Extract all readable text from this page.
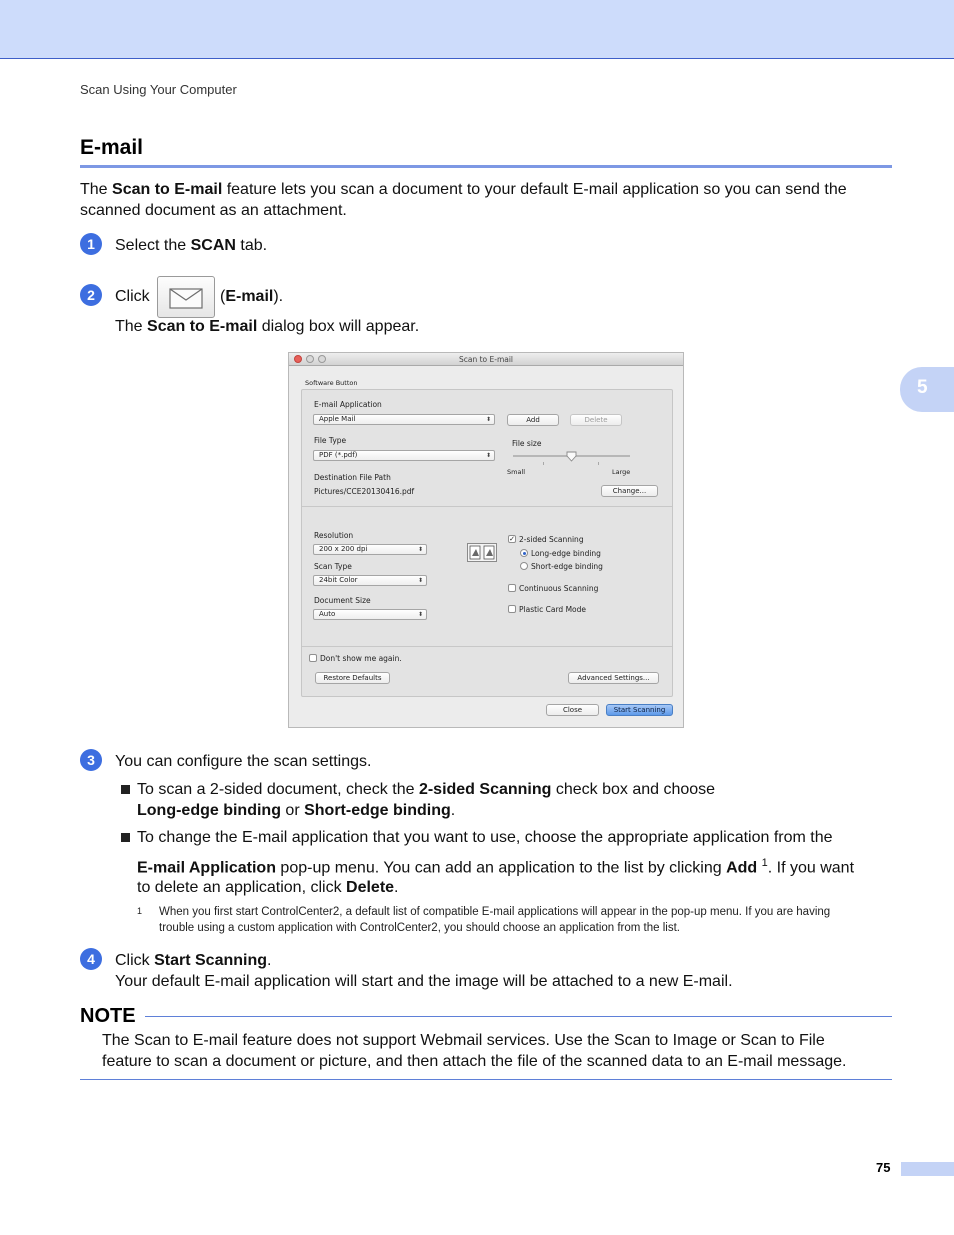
Scan Using Your Computer
5
E-mail
The Scan to E-mail feature lets you scan a document to your default E-mail application so you can send the
scanned document as an attachment.
1	Select the SCAN tab.
2	Click	(E-mail).
The Scan to E-mail dialog box will appear.
Scan to E-mail
Software Button
E-mail Application
Apple Mail	⬍	Add	Delete
File Type
PDF (*.pdf)	⬍
File size
Small	Large
Destination File Path
Pictures/CCE20130416.pdf	Change...
Resolution
200 x 200 dpi	⬍
Scan Type
24bit Color	⬍
Document Size
Auto	⬍
✓ 2-sided Scanning
Long-edge binding
Short-edge binding
Continuous Scanning
Plastic Card Mode
Don't show me again.
Restore Defaults	Advanced Settings...
Close	Start Scanning
3	You can configure the scan settings.
To scan a 2-sided document, check the 2-sided Scanning check box and choose
Long-edge binding or Short-edge binding.
To change the E-mail application that you want to use, choose the appropriate application from the
E-mail Application pop-up menu. You can add an application to the list by clicking Add $^1$. If you want
to delete an application, click Delete.
1 When you first start ControlCenter2, a default list of compatible E-mail applications will appear in the pop-up menu. If you are having
trouble using a custom application with ControlCenter2, you should choose an application from the list.
4	Click Start Scanning.
Your default E-mail application will start and the image will be attached to a new E-mail.
NOTE
The Scan to E-mail feature does not support Webmail services. Use the Scan to Image or Scan to File
feature to scan a document or picture, and then attach the file of the scanned data to an E-mail message.
75
